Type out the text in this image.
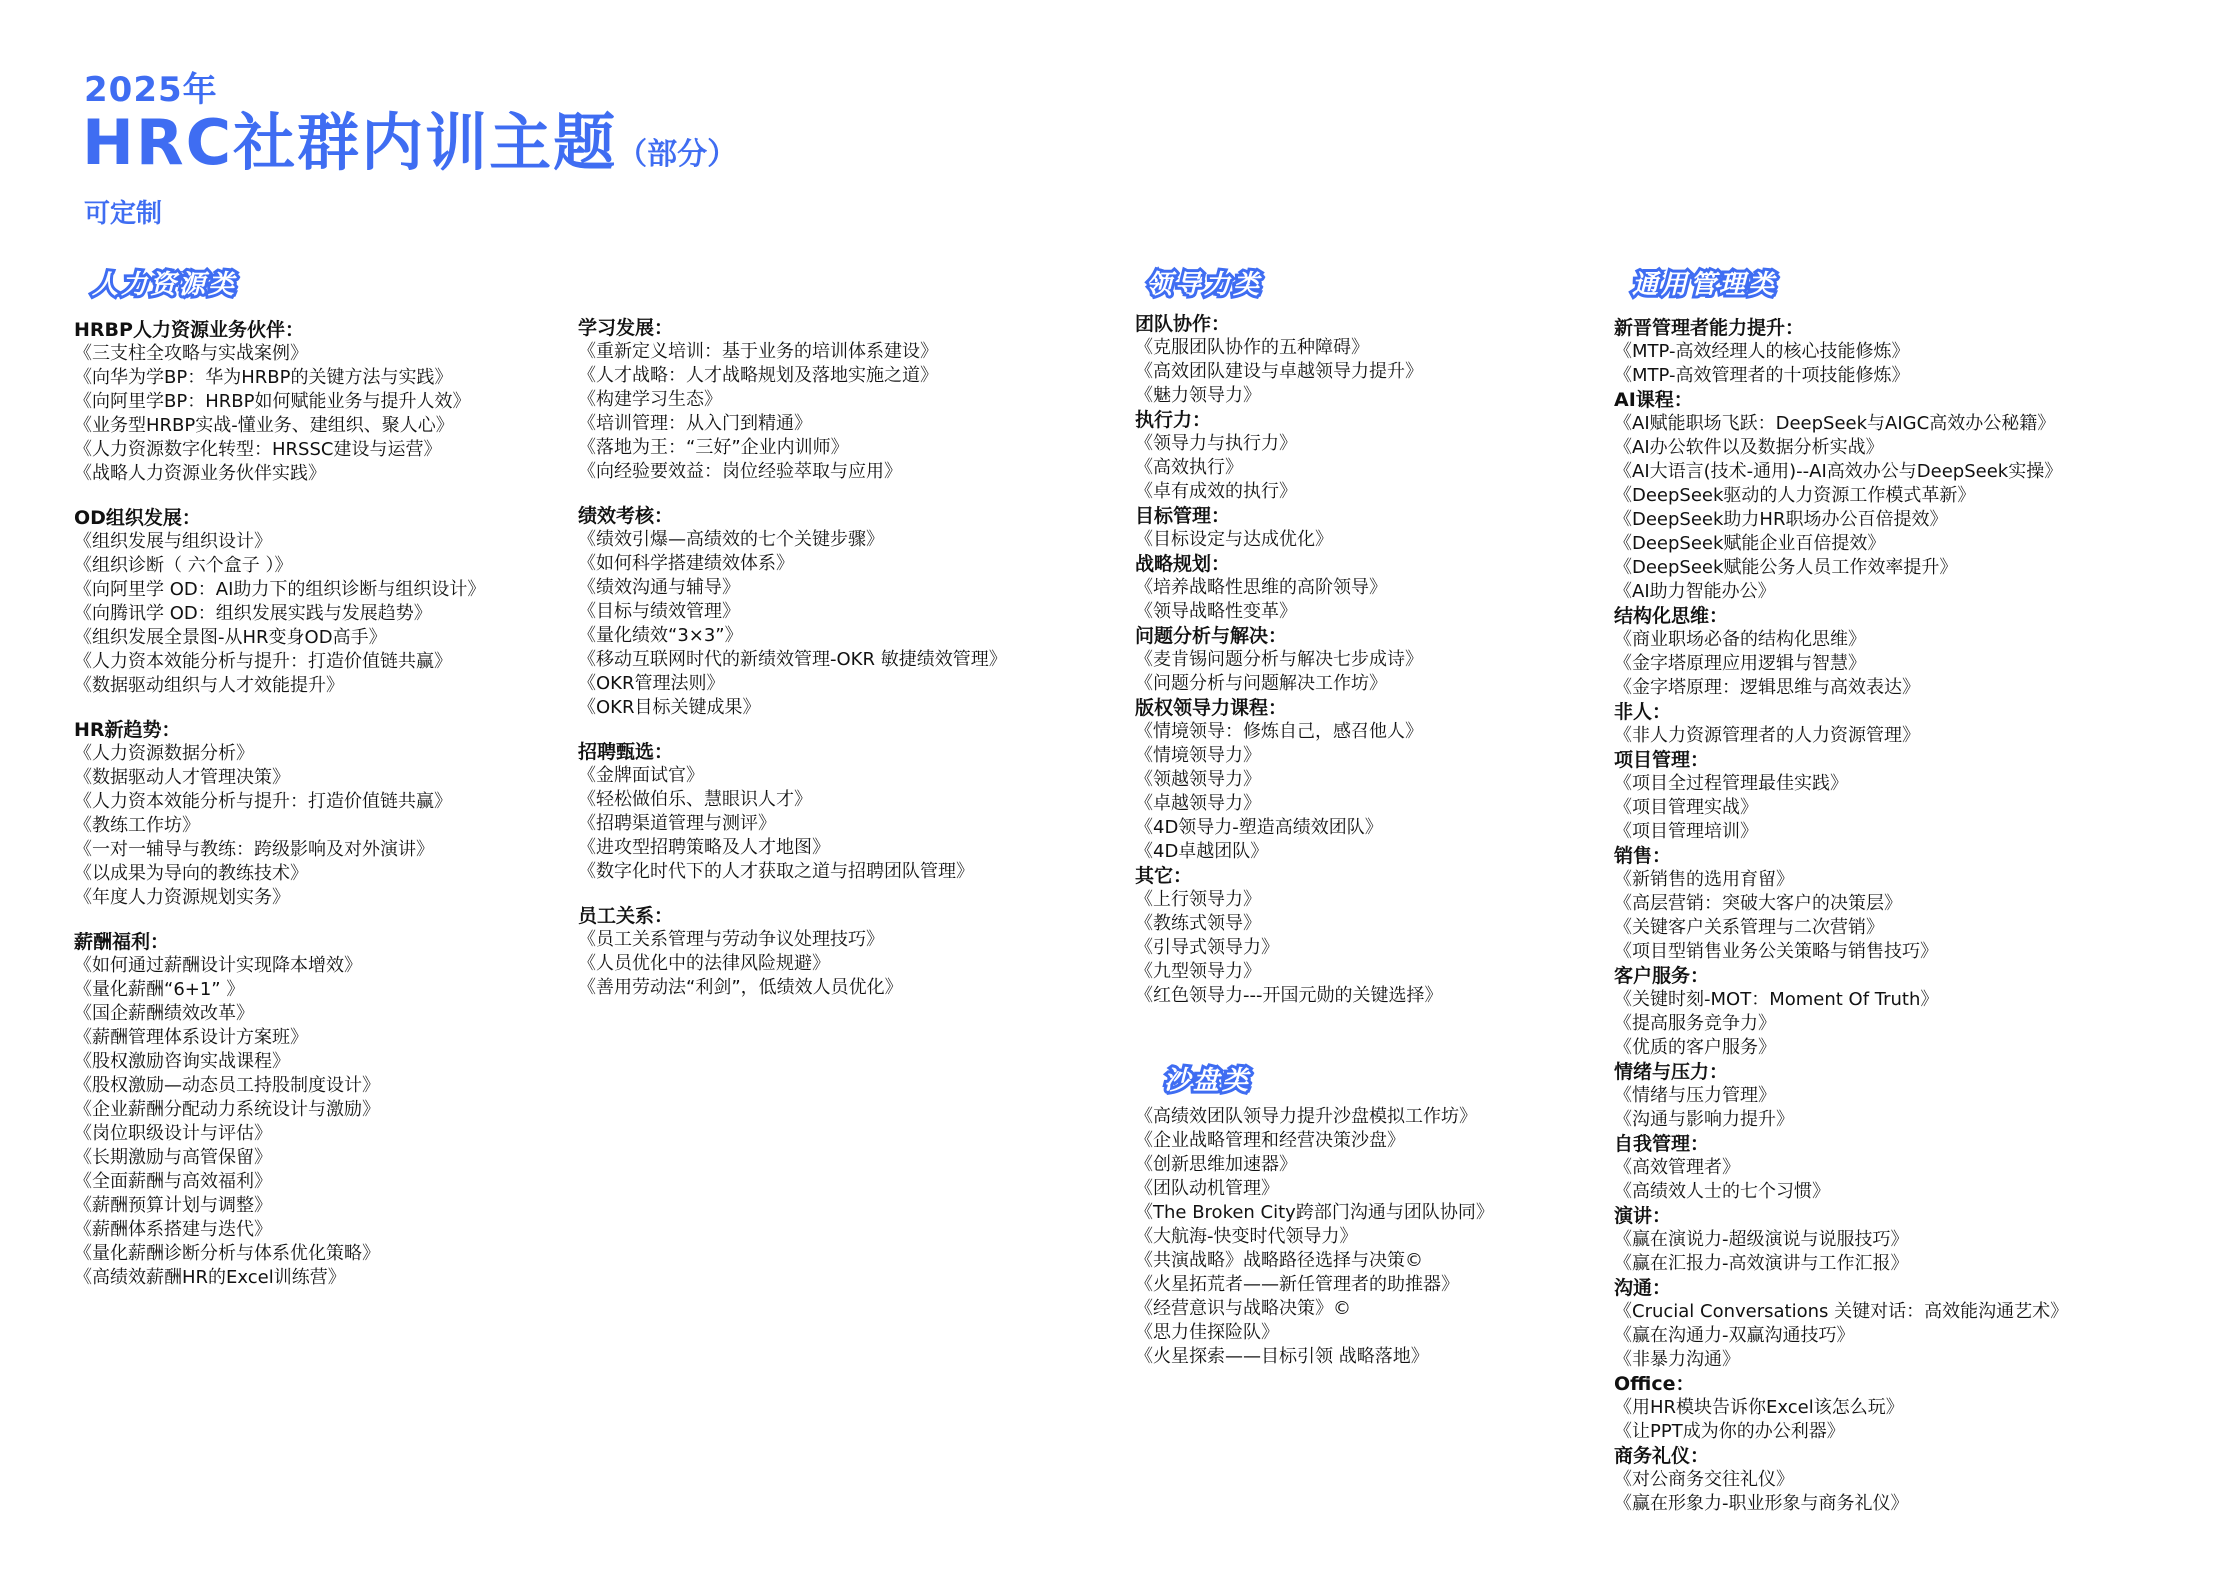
2025年
HRC社群内训主题（部分）
可定制
人力资源类	领导力类	通用管理类
沙盘类
HRBP人力资源业务伙伴：
《三支柱全攻略与实战案例》
《向华为学BP：华为HRBP的关键方法与实践》
《向阿里学BP：HRBP如何赋能业务与提升人效》
《业务型HRBP实战-懂业务、建组织、聚人心》
《人力资源数字化转型：HRSSC建设与运营》
《战略人力资源业务伙伴实践》
OD组织发展：
《组织发展与组织设计》
《组织诊断（ 六个盒子 ）》
《向阿里学 OD：AI助力下的组织诊断与组织设计》
《向腾讯学 OD：组织发展实践与发展趋势》
《组织发展全景图-从HR变身OD高手》
《人力资本效能分析与提升：打造价值链共赢》
《数据驱动组织与人才效能提升》
HR新趋势：
《人力资源数据分析》
《数据驱动人才管理决策》
《人力资本效能分析与提升：打造价值链共赢》
《教练工作坊》
《一对一辅导与教练：跨级影响及对外演讲》
《以成果为导向的教练技术》
《年度人力资源规划实务》
薪酬福利：
《如何通过薪酬设计实现降本增效》
《量化薪酬“6+1” 》
《国企薪酬绩效改革》
《薪酬管理体系设计方案班》
《股权激励咨询实战课程》
《股权激励—动态员工持股制度设计》
《企业薪酬分配动力系统设计与激励》
《岗位职级设计与评估》
《长期激励与高管保留》
《全面薪酬与高效福利》
《薪酬预算计划与调整》
《薪酬体系搭建与迭代》
《量化薪酬诊断分析与体系优化策略》
《高绩效薪酬HR的Excel训练营》
学习发展：
《重新定义培训：基于业务的培训体系建设》
《人才战略：人才战略规划及落地实施之道》
《构建学习生态》
《培训管理：从入门到精通》
《落地为王：“三好”企业内训师》
《向经验要效益：岗位经验萃取与应用》
绩效考核：
《绩效引爆—高绩效的七个关键步骤》
《如何科学搭建绩效体系》
《绩效沟通与辅导》
《目标与绩效管理》
《量化绩效“3×3”》
《移动互联网时代的新绩效管理-OKR 敏捷绩效管理》
《OKR管理法则》
《OKR目标关键成果》
招聘甄选：
《金牌面试官》
《轻松做伯乐、慧眼识人才》
《招聘渠道管理与测评》
《进攻型招聘策略及人才地图》
《数字化时代下的人才获取之道与招聘团队管理》
员工关系：
《员工关系管理与劳动争议处理技巧》
《人员优化中的法律风险规避》
《善用劳动法“利剑”，低绩效人员优化》
团队协作：
《克服团队协作的五种障碍》
《高效团队建设与卓越领导力提升》
《魅力领导力》
执行力：
《领导力与执行力》
《高效执行》
《卓有成效的执行》
目标管理：
《目标设定与达成优化》
战略规划：
《培养战略性思维的高阶领导》
《领导战略性变革》
问题分析与解决：
《麦肯锡问题分析与解决七步成诗》
《问题分析与问题解决工作坊》
版权领导力课程：
《情境领导：修炼自己，感召他人》
《情境领导力》
《领越领导力》
《卓越领导力》
《4D领导力-塑造高绩效团队》
《4D卓越团队》
其它：
《上行领导力》
《教练式领导》
《引导式领导力》
《九型领导力》
《红色领导力---开国元勋的关键选择》
新晋管理者能力提升：
《MTP-高效经理人的核心技能修炼》
《MTP-高效管理者的十项技能修炼》
AI课程：
《AI赋能职场飞跃：DeepSeek与AIGC高效办公秘籍》
《AI办公软件以及数据分析实战》
《AI大语言(技术-通用)--AI高效办公与DeepSeek实操》
《DeepSeek驱动的人力资源工作模式革新》
《DeepSeek助力HR职场办公百倍提效》
《DeepSeek赋能企业百倍提效》
《DeepSeek赋能公务人员工作效率提升》
《AI助力智能办公》
结构化思维：
《商业职场必备的结构化思维》
《金字塔原理应用逻辑与智慧》
《金字塔原理：逻辑思维与高效表达》
非人：
《非人力资源管理者的人力资源管理》
项目管理：
《项目全过程管理最佳实践》
《项目管理实战》
《项目管理培训》
销售：
《新销售的选用育留》
《高层营销：突破大客户的决策层》
《关键客户关系管理与二次营销》
《项目型销售业务公关策略与销售技巧》
客户服务：
《关键时刻-MOT：Moment Of Truth》
《提高服务竞争力》
《优质的客户服务》
情绪与压力：
《情绪与压力管理》
《沟通与影响力提升》
自我管理：
《高效管理者》
《高绩效人士的七个习惯》
演讲：
《赢在演说力-超级演说与说服技巧》
《赢在汇报力-高效演讲与工作汇报》
沟通：
《Crucial Conversations 关键对话：高效能沟通艺术》
《赢在沟通力-双赢沟通技巧》
《非暴力沟通》
Office：
《用HR模块告诉你Excel该怎么玩》
《让PPT成为你的办公利器》
商务礼仪：
《对公商务交往礼仪》
《赢在形象力-职业形象与商务礼仪》
《高绩效团队领导力提升沙盘模拟工作坊》
《企业战略管理和经营决策沙盘》
《创新思维加速器》
《团队动机管理》
《The Broken City跨部门沟通与团队协同》
《大航海-快变时代领导力》
《共演战略》战略路径选择与决策©
《火星拓荒者——新任管理者的助推器》
《经营意识与战略决策》©
《思力佳探险队》
《火星探索——目标引领 战略落地》
